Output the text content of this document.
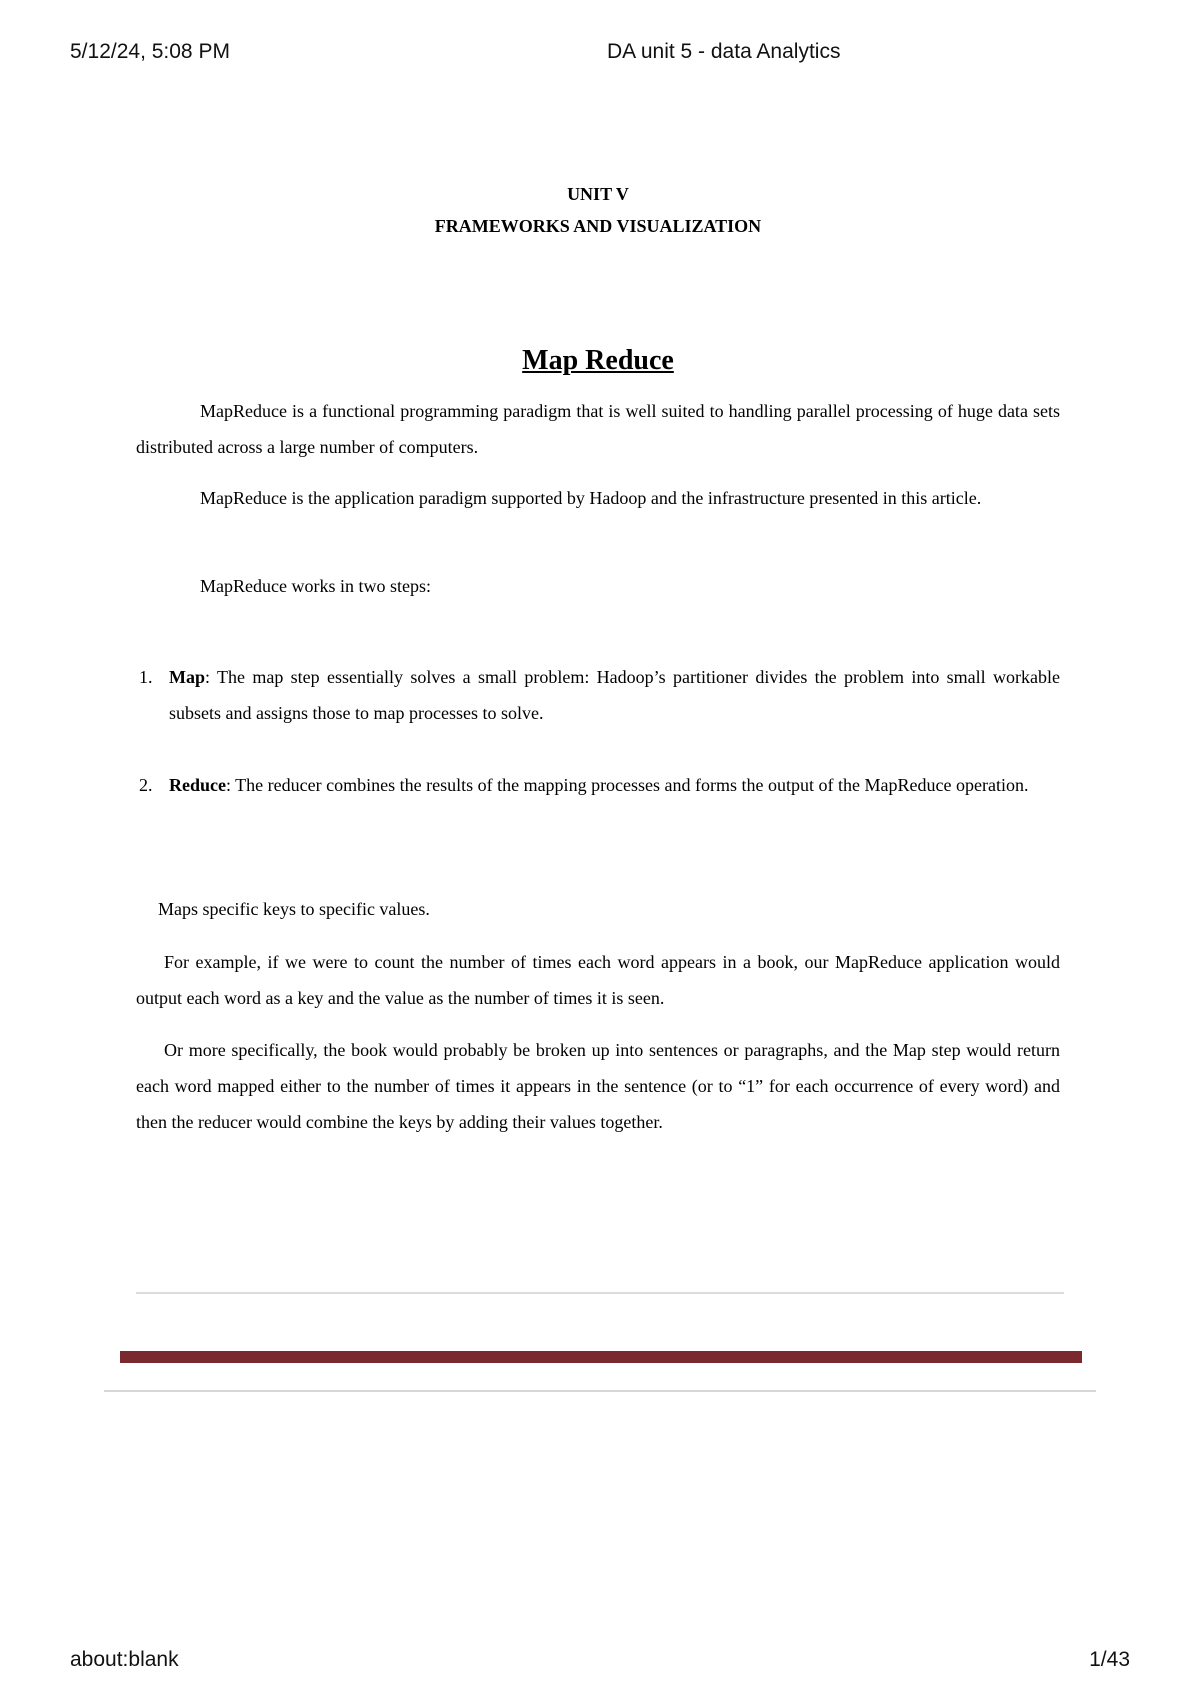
5/12/24, 5:08 PM	DA unit 5 - data Analytics
UNIT V
FRAMEWORKS AND VISUALIZATION
Map Reduce

MapReduce is a functional programming paradigm that is well suited to handling parallel processing of huge data sets distributed across a large number of computers.

MapReduce is the application paradigm supported by Hadoop and the infrastructure presented in this article.

MapReduce works in two steps:

1. Map: The map step essentially solves a small problem: Hadoop’s partitioner divides the problem into small workable subsets and assigns those to map processes to solve.
2. Reduce: The reducer combines the results of the mapping processes and forms the output of the MapReduce operation.

Maps specific keys to specific values.

For example, if we were to count the number of times each word appears in a book, our MapReduce application would output each word as a key and the value as the number of times it is seen.

Or more specifically, the book would probably be broken up into sentences or paragraphs, and the Map step would return each word mapped either to the number of times it appears in the sentence (or to “1” for each occurrence of every word) and then the reducer would combine the keys by adding their values together.

about:blank	1/43
